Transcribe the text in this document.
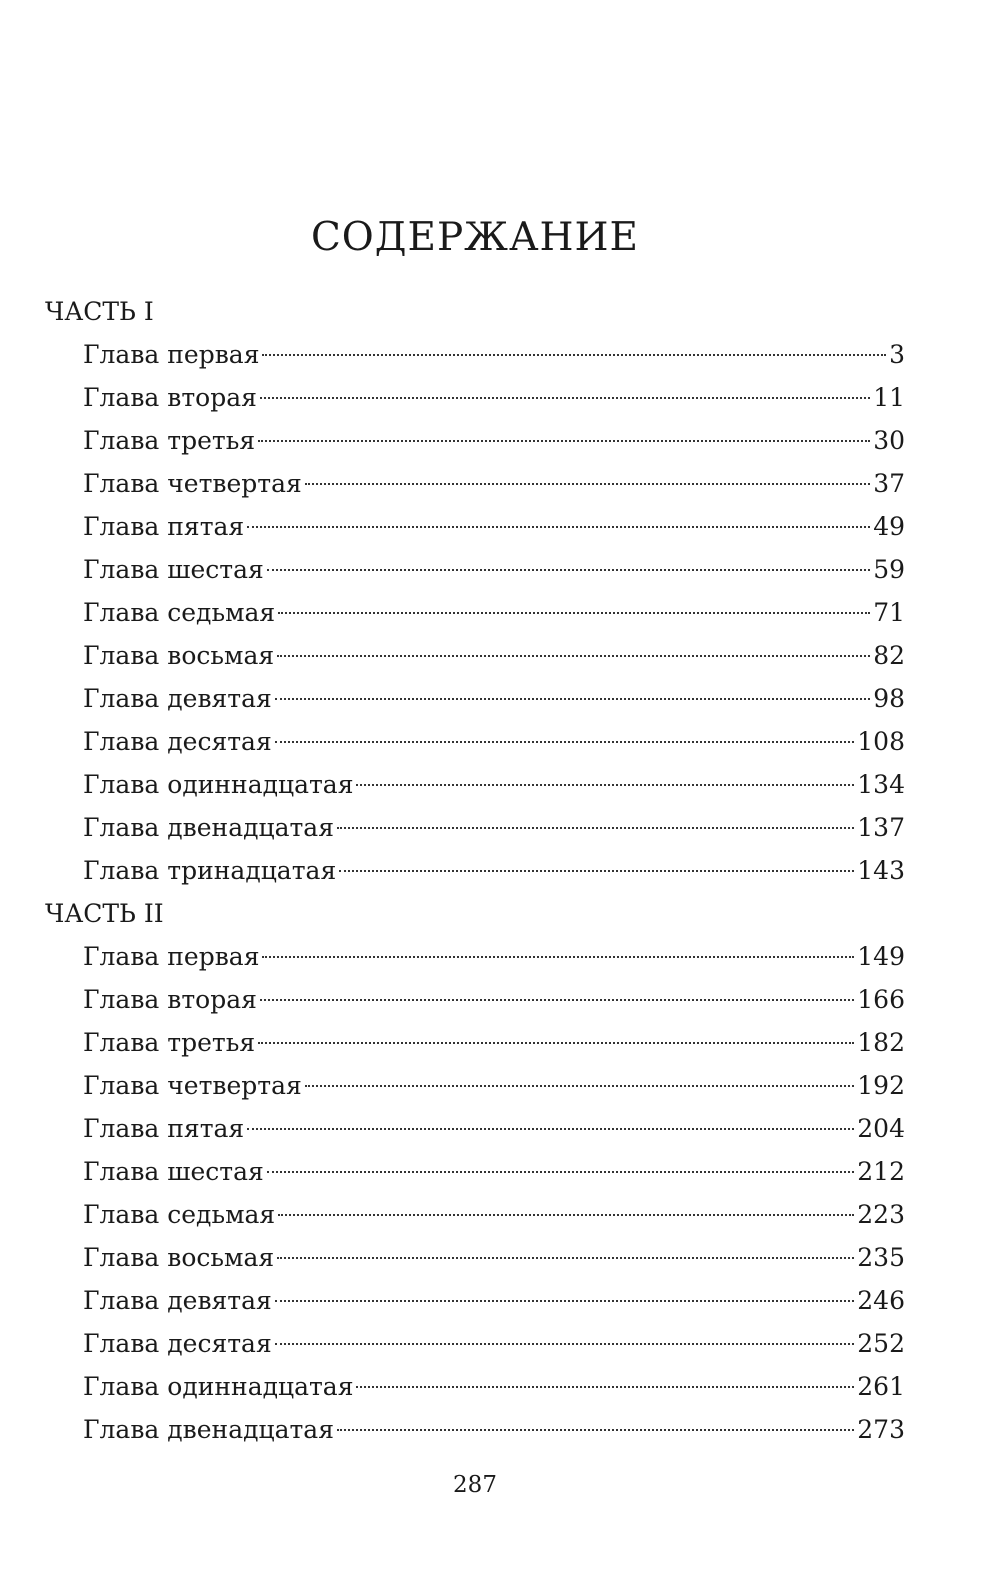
СОДЕРЖАНИЕ
ЧАСТЬ I
Глава первая	3
Глава вторая	11
Глава третья	30
Глава четвертая	37
Глава пятая	49
Глава шестая	59
Глава седьмая	71
Глава восьмая	82
Глава девятая	98
Глава десятая	108
Глава одиннадцатая	134
Глава двенадцатая	137
Глава тринадцатая	143
ЧАСТЬ II
Глава первая	149
Глава вторая	166
Глава третья	182
Глава четвертая	192
Глава пятая	204
Глава шестая	212
Глава седьмая	223
Глава восьмая	235
Глава девятая	246
Глава десятая	252
Глава одиннадцатая	261
Глава двенадцатая	273
287
